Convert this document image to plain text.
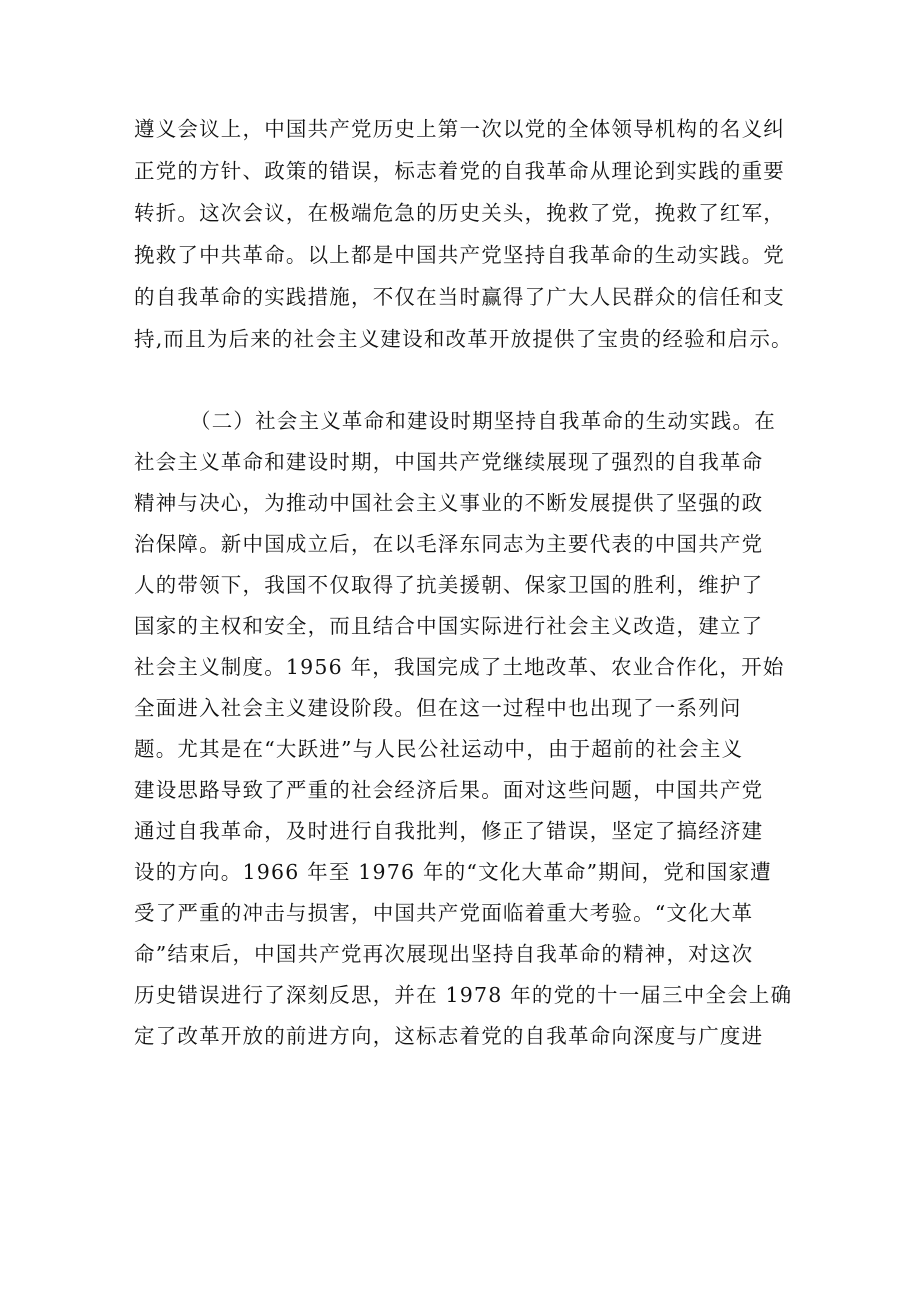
遵义会议上，中国共产党历史上第一次以党的全体领导机构的名义纠
正党的方针、政策的错误，标志着党的自我革命从理论到实践的重要
转折。这次会议，在极端危急的历史关头，挽救了党，挽救了红军，
挽救了中共革命。以上都是中国共产党坚持自我革命的生动实践。党
的自我革命的实践措施，不仅在当时赢得了广大人民群众的信任和支
持,而且为后来的社会主义建设和改革开放提供了宝贵的经验和启示。
（二）社会主义革命和建设时期坚持自我革命的生动实践。在
社会主义革命和建设时期，中国共产党继续展现了强烈的自我革命
精神与决心，为推动中国社会主义事业的不断发展提供了坚强的政
治保障。新中国成立后，在以毛泽东同志为主要代表的中国共产党
人的带领下，我国不仅取得了抗美援朝、保家卫国的胜利，维护了
国家的主权和安全，而且结合中国实际进行社会主义改造，建立了
社会主义制度。1956 年，我国完成了土地改革、农业合作化，开始
全面进入社会主义建设阶段。但在这一过程中也出现了一系列问
题。尤其是在“大跃进”与人民公社运动中，由于超前的社会主义
建设思路导致了严重的社会经济后果。面对这些问题，中国共产党
通过自我革命，及时进行自我批判，修正了错误，坚定了搞经济建
设的方向。1966 年至 1976 年的“文化大革命”期间，党和国家遭
受了严重的冲击与损害，中国共产党面临着重大考验。“文化大革
命”结束后，中国共产党再次展现出坚持自我革命的精神，对这次
历史错误进行了深刻反思，并在 1978 年的党的十一届三中全会上确
定了改革开放的前进方向，这标志着党的自我革命向深度与广度进
